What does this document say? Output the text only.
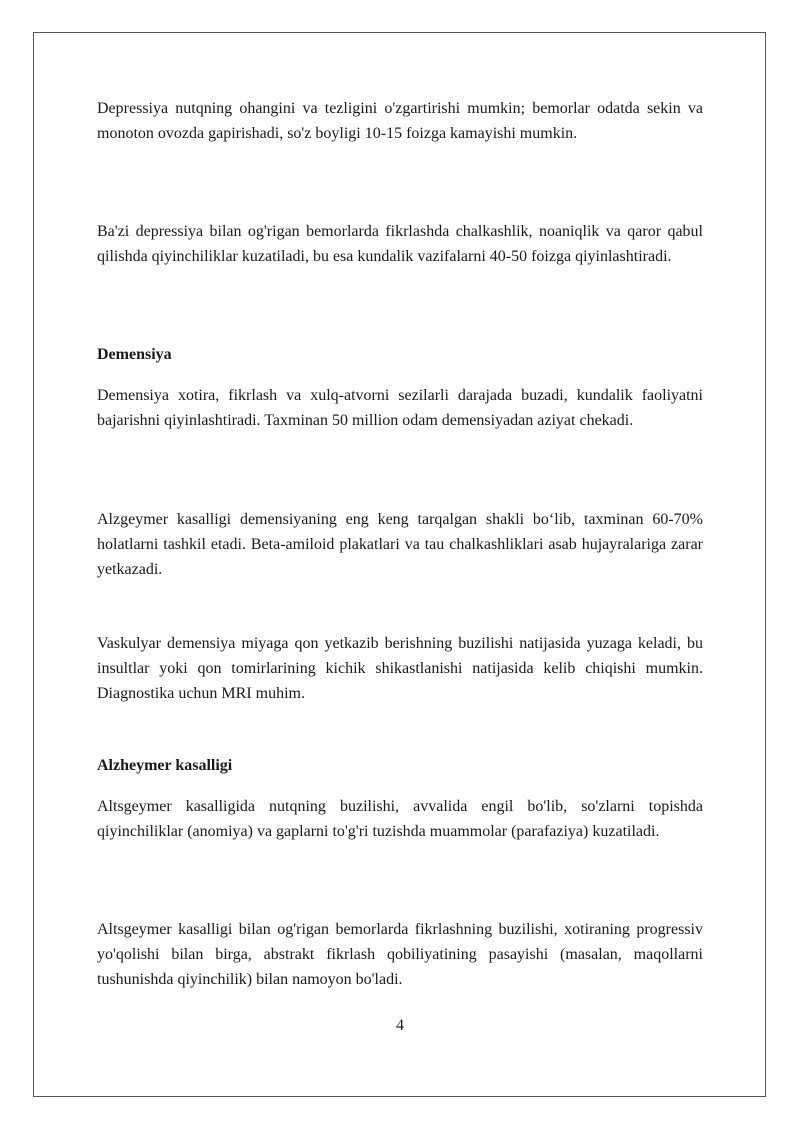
Depressiya nutqning ohangini va tezligini o'zgartirishi mumkin; bemorlar odatda sekin va monoton ovozda gapirishadi, so'z boyligi 10-15 foizga kamayishi mumkin.

Ba'zi depressiya bilan og'rigan bemorlarda fikrlashda chalkashlik, noaniqlik va qaror qabul qilishda qiyinchiliklar kuzatiladi, bu esa kundalik vazifalarni 40-50 foizga qiyinlashtiradi.

Demensiya

Demensiya xotira, fikrlash va xulq-atvorni sezilarli darajada buzadi, kundalik faoliyatni bajarishni qiyinlashtiradi. Taxminan 50 million odam demensiyadan aziyat chekadi.

Alzgeymer kasalligi demensiyaning eng keng tarqalgan shakli bo‘lib, taxminan 60-70% holatlarni tashkil etadi. Beta-amiloid plakatlari va tau chalkashliklari asab hujayralariga zarar yetkazadi.

Vaskulyar demensiya miyaga qon yetkazib berishning buzilishi natijasida yuzaga keladi, bu insultlar yoki qon tomirlarining kichik shikastlanishi natijasida kelib chiqishi mumkin. Diagnostika uchun MRI muhim.

Alzheymer kasalligi

Altsgeymer kasalligida nutqning buzilishi, avvalida engil bo'lib, so'zlarni topishda qiyinchiliklar (anomiya) va gaplarni to'g'ri tuzishda muammolar (parafaziya) kuzatiladi.

Altsgeymer kasalligi bilan og'rigan bemorlarda fikrlashning buzilishi, xotiraning progressiv yo'qolishi bilan birga, abstrakt fikrlash qobiliyatining pasayishi (masalan, maqollarni tushunishda qiyinchilik) bilan namoyon bo'ladi.

4
